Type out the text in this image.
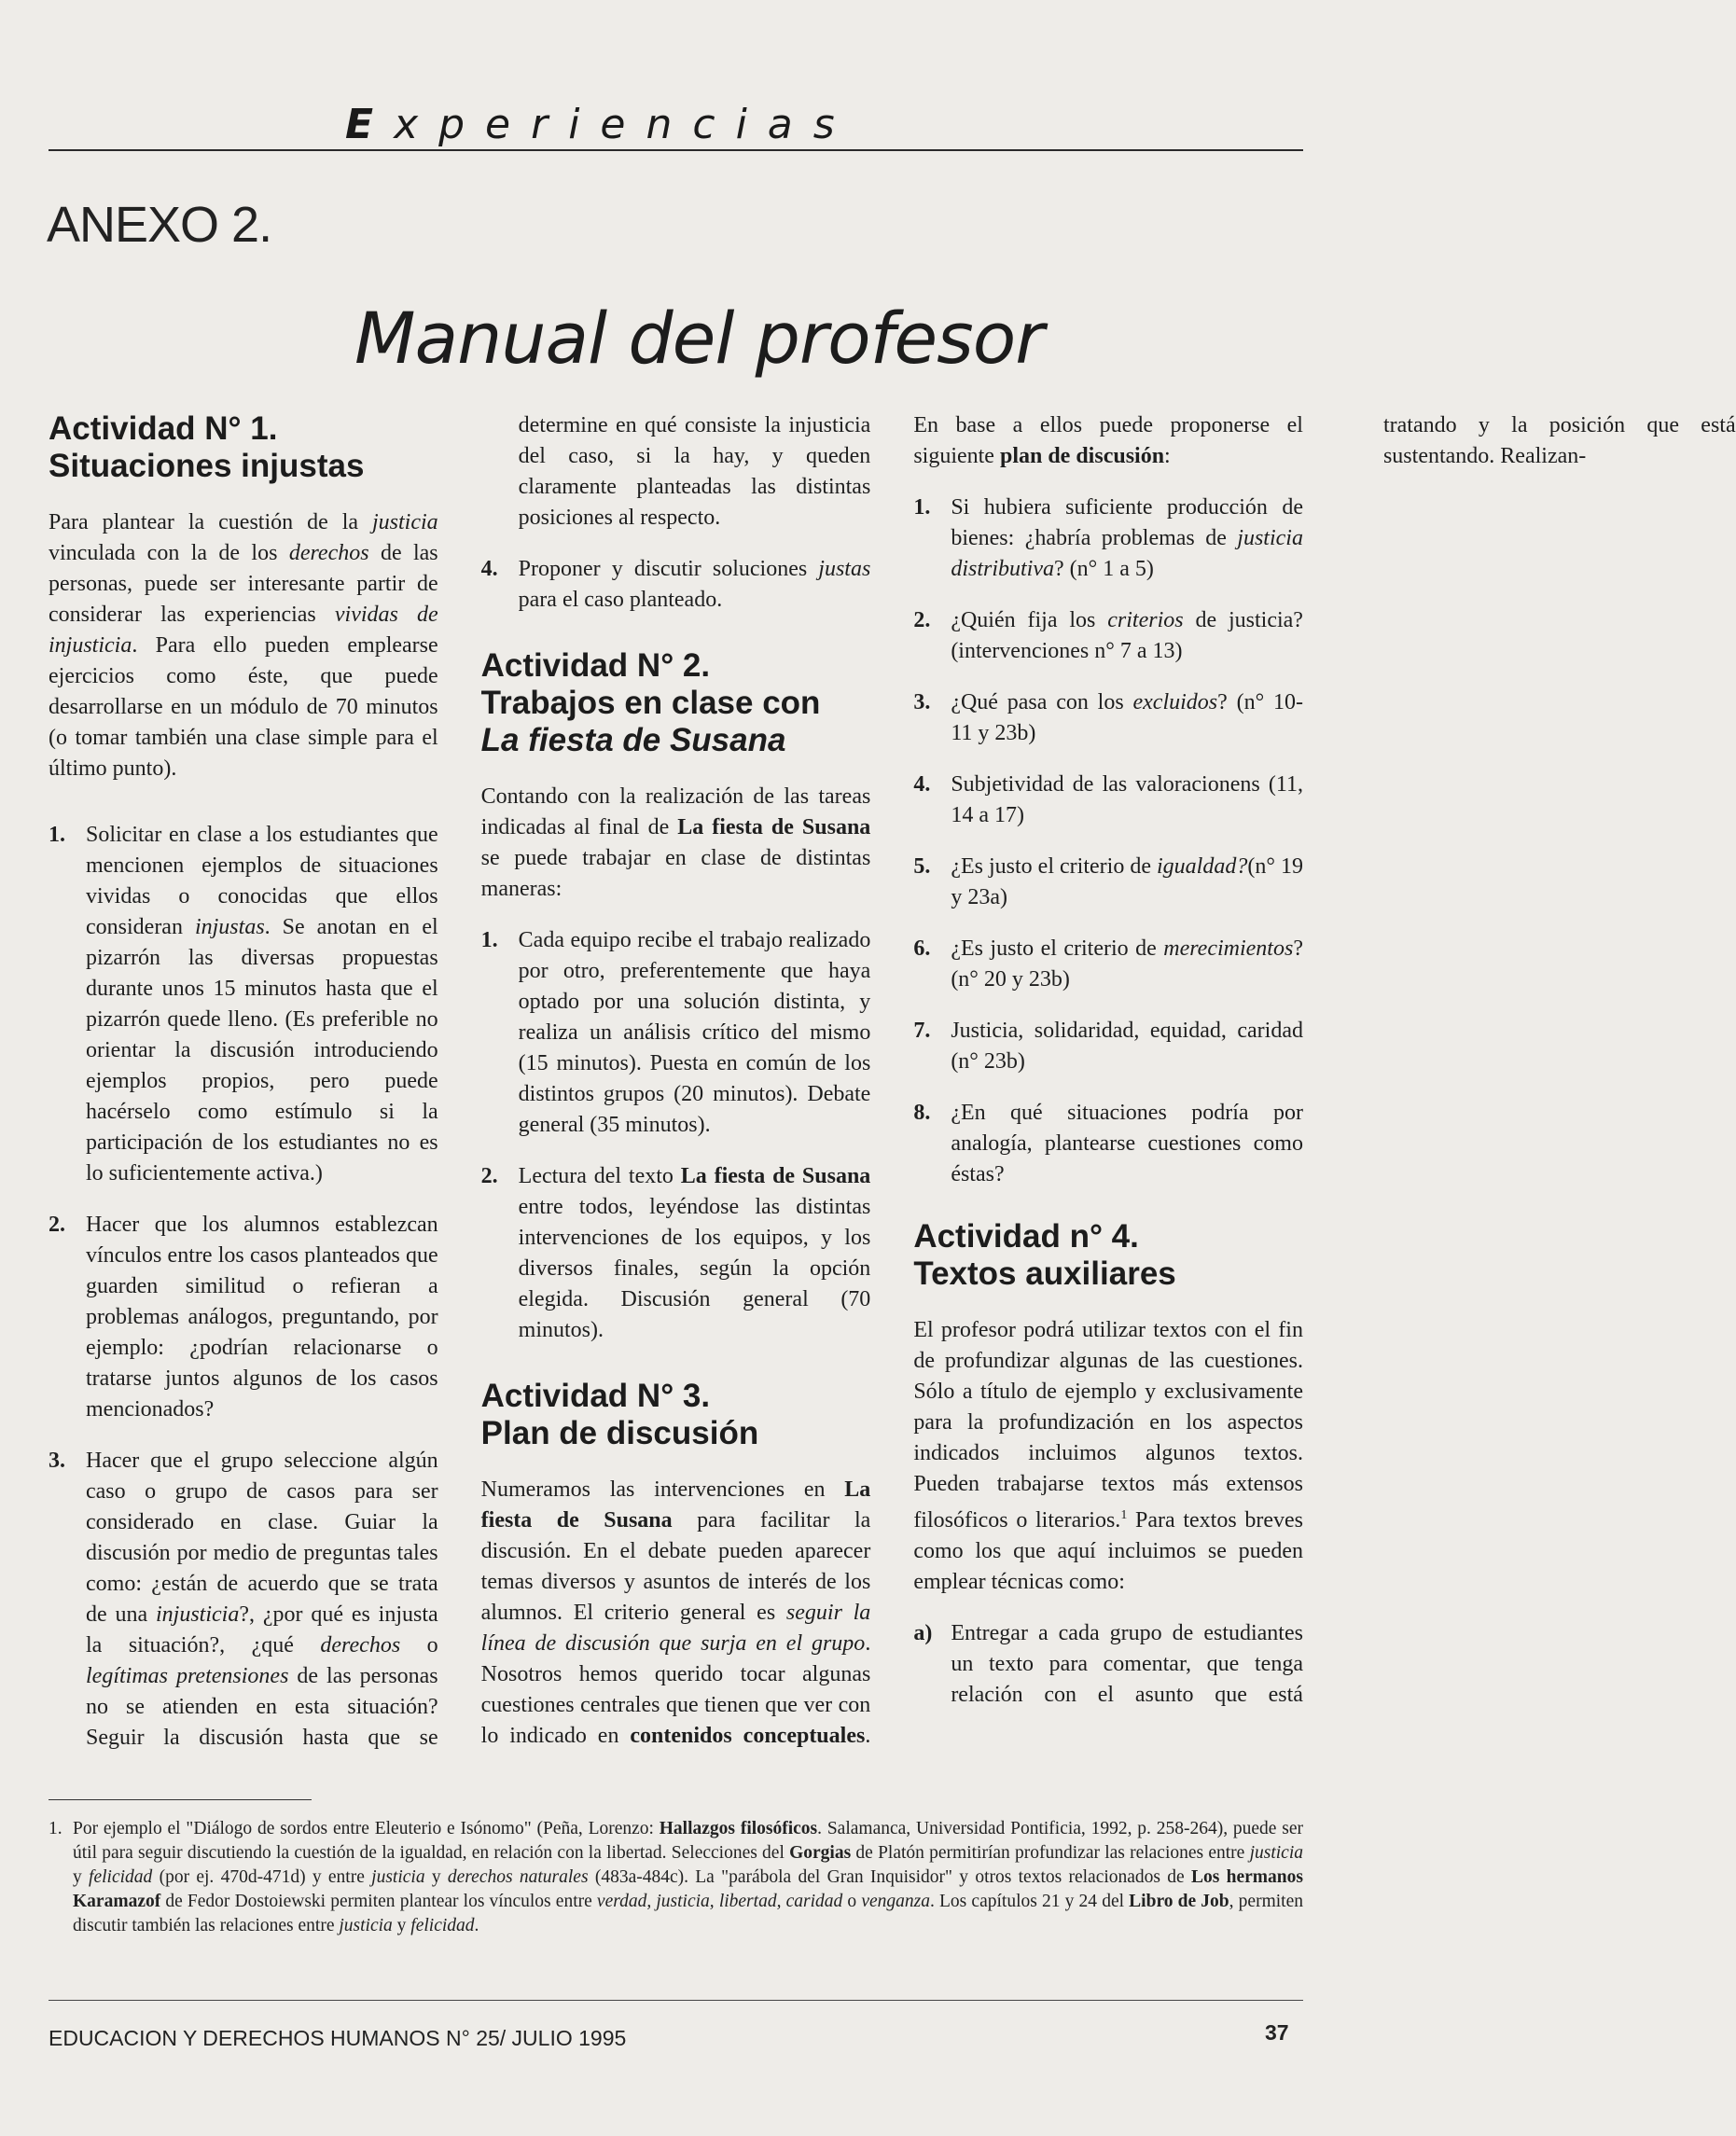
Experiencias
ANEXO 2.
Manual del profesor
Actividad N° 1.
Situaciones injustas

Para plantear la cuestión de la justicia vinculada con la de los derechos de las personas, puede ser interesante partir de considerar las experiencias vividas de injusticia. Para ello pueden emplearse ejercicios como éste, que puede desarrollarse en un módulo de 70 minutos (o tomar también una clase simple para el último punto).

1. Solicitar en clase a los estudiantes que mencionen ejemplos de situaciones vividas o conocidas que ellos consideran injustas. Se anotan en el pizarrón las diversas propuestas durante unos 15 minutos hasta que el pizarrón quede lleno. (Es preferible no orientar la discusión introduciendo ejemplos propios, pero puede hacérselo como estímulo si la participación de los estudiantes no es lo suficientemente activa.)
2. Hacer que los alumnos establezcan vínculos entre los casos planteados que guarden similitud o refieran a problemas análogos, preguntando, por ejemplo: ¿podrían relacionarse o tratarse juntos algunos de los casos mencionados?
3. Hacer que el grupo seleccione algún caso o grupo de casos para ser considerado en clase. Guiar la discusión por medio de preguntas tales como: ¿están de acuerdo que se trata de una injusticia?, ¿por qué es injusta la situación?, ¿qué derechos o legítimas pretensiones de las personas no se atienden en esta situación? Seguir la discusión hasta que se determine en qué consiste la injusticia del caso, si la hay, y queden claramente planteadas las distintas posiciones al respecto.
4. Proponer y discutir soluciones justas para el caso planteado.
Actividad N° 2.
Trabajos en clase con
La fiesta de Susana

Contando con la realización de las tareas indicadas al final de La fiesta de Susana se puede trabajar en clase de distintas maneras:

1. Cada equipo recibe el trabajo realizado por otro, preferentemente que haya optado por una solución distinta, y realiza un análisis crítico del mismo (15 minutos). Puesta en común de los distintos grupos (20 minutos). Debate general (35 minutos).
2. Lectura del texto La fiesta de Susana entre todos, leyéndose las distintas intervenciones de los equipos, y los diversos finales, según la opción elegida. Discusión general (70 minutos).
Actividad N° 3.
Plan de discusión

Numeramos las intervenciones en La fiesta de Susana para facilitar la discusión. En el debate pueden aparecer temas diversos y asuntos de interés de los alumnos. El criterio general es seguir la línea de discusión que surja en el grupo. Nosotros hemos querido tocar algunas cuestiones centrales que tienen que ver con lo indicado en contenidos conceptuales. En base a ellos puede proponerse el siguiente plan de discusión:

1. Si hubiera suficiente producción de bienes: ¿habría problemas de justicia distributiva? (n° 1 a 5)
2. ¿Quién fija los criterios de justicia? (intervenciones n° 7 a 13)
3. ¿Qué pasa con los excluidos? (n° 10-11 y 23b)
4. Subjetividad de las valoracionens (11, 14 a 17)
5. ¿Es justo el criterio de igualdad?(n° 19 y 23a)
6. ¿Es justo el criterio de merecimientos? (n° 20 y 23b)
7. Justicia, solidaridad, equidad, caridad (n° 23b)
8. ¿En qué situaciones podría por analogía, plantearse cuestiones como éstas?
Actividad n° 4.
Textos auxiliares

El profesor podrá utilizar textos con el fin de profundizar algunas de las cuestiones. Sólo a título de ejemplo y exclusivamente para la profundización en los aspectos indicados incluimos algunos textos. Pueden trabajarse textos más extensos filosóficos o literarios.$^1$ Para textos breves como los que aquí incluimos se pueden emplear técnicas como:

a) Entregar a cada grupo de estudiantes un texto para comentar, que tenga relación con el asunto que está tratando y la posición que está sustentando. Realizan-
1. Por ejemplo el "Diálogo de sordos entre Eleuterio e Isónomo" (Peña, Lorenzo: Hallazgos filosóficos. Salamanca, Universidad Pontificia, 1992, p. 258-264), puede ser útil para seguir discutiendo la cuestión de la igualdad, en relación con la libertad. Selecciones del Gorgias de Platón permitirían profundizar las relaciones entre justicia y felicidad (por ej. 470d-471d) y entre justicia y derechos naturales (483a-484c). La "parábola del Gran Inquisidor" y otros textos relacionados de Los hermanos Karamazof de Fedor Dostoiewski permiten plantear los vínculos entre verdad, justicia, libertad, caridad o venganza. Los capítulos 21 y 24 del Libro de Job, permiten discutir también las relaciones entre justicia y felicidad.
EDUCACION Y DERECHOS HUMANOS N° 25/ JULIO 1995	37
